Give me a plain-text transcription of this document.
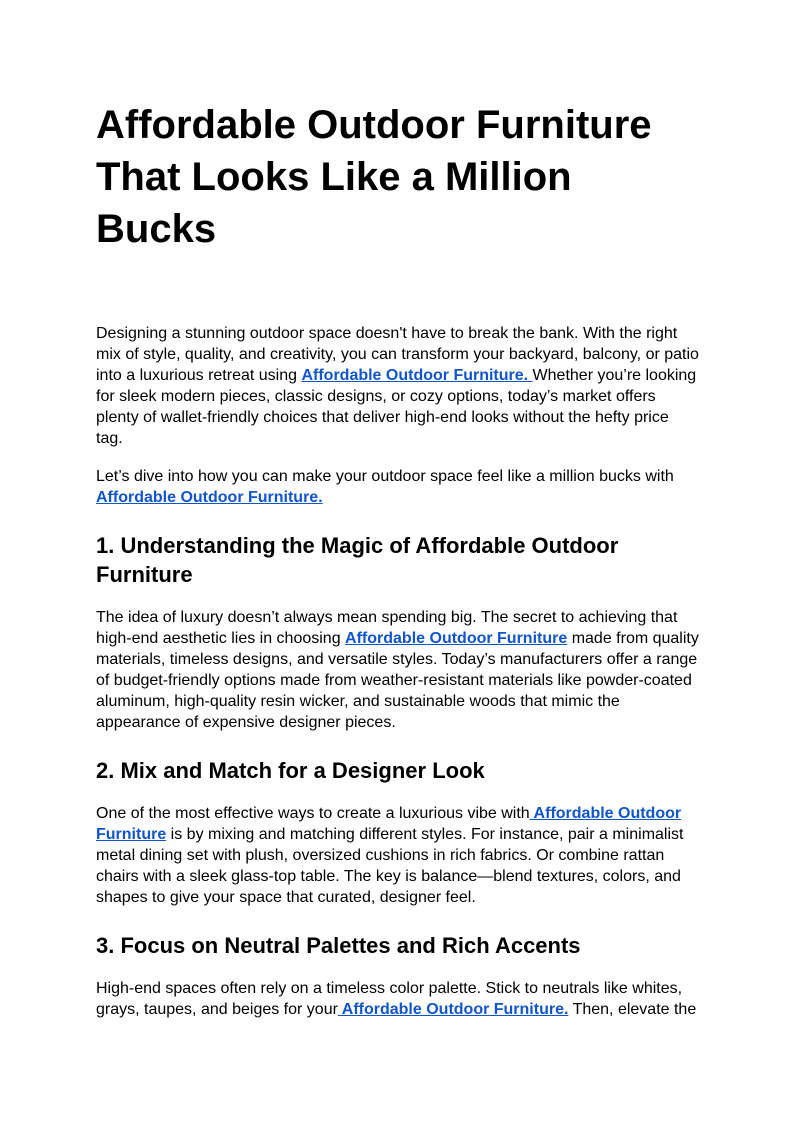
Affordable Outdoor Furniture That Looks Like a Million Bucks

Designing a stunning outdoor space doesn't have to break the bank. With the right mix of style, quality, and creativity, you can transform your backyard, balcony, or patio into a luxurious retreat using Affordable Outdoor Furniture. Whether you’re looking for sleek modern pieces, classic designs, or cozy options, today’s market offers plenty of wallet-friendly choices that deliver high-end looks without the hefty price tag.

Let’s dive into how you can make your outdoor space feel like a million bucks with Affordable Outdoor Furniture.

1. Understanding the Magic of Affordable Outdoor Furniture

The idea of luxury doesn’t always mean spending big. The secret to achieving that high-end aesthetic lies in choosing Affordable Outdoor Furniture made from quality materials, timeless designs, and versatile styles. Today’s manufacturers offer a range of budget-friendly options made from weather-resistant materials like powder-coated aluminum, high-quality resin wicker, and sustainable woods that mimic the appearance of expensive designer pieces.

2. Mix and Match for a Designer Look

One of the most effective ways to create a luxurious vibe with Affordable Outdoor Furniture is by mixing and matching different styles. For instance, pair a minimalist metal dining set with plush, oversized cushions in rich fabrics. Or combine rattan chairs with a sleek glass-top table. The key is balance—blend textures, colors, and shapes to give your space that curated, designer feel.

3. Focus on Neutral Palettes and Rich Accents

High-end spaces often rely on a timeless color palette. Stick to neutrals like whites, grays, taupes, and beiges for your Affordable Outdoor Furniture. Then, elevate the
